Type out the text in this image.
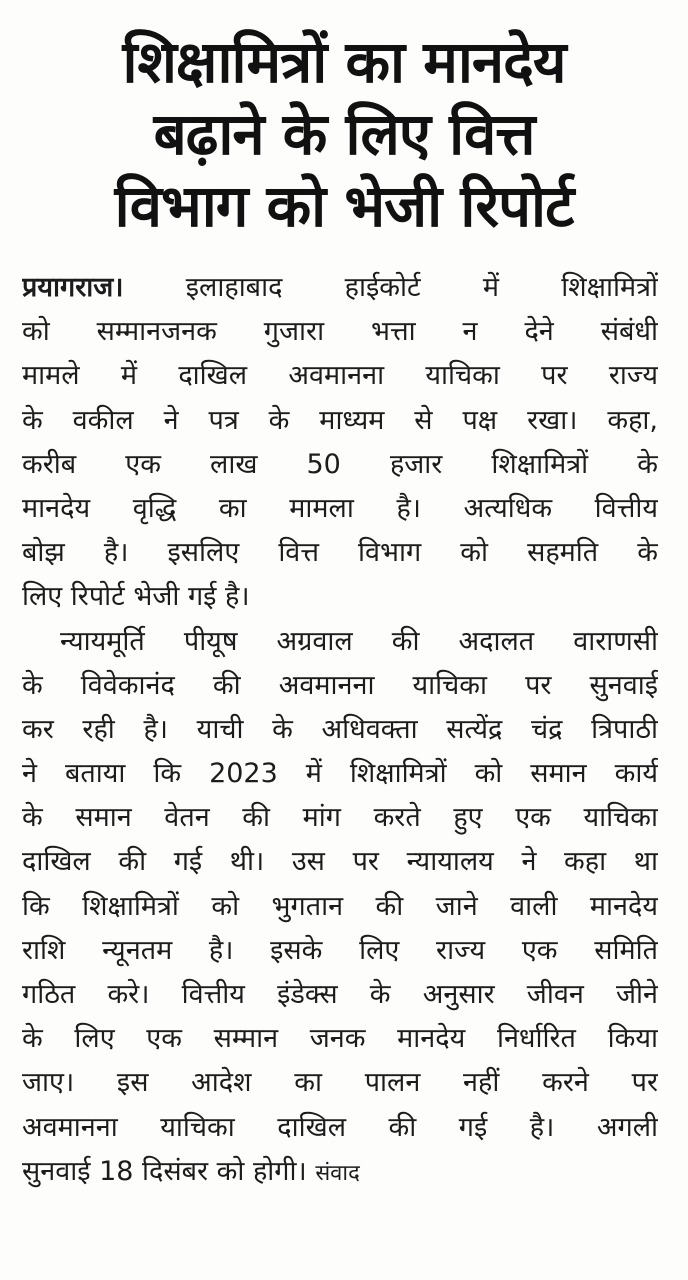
शिक्षामित्रों का मानदेय
बढ़ाने के लिए वित्त
विभाग को भेजी रिपोर्ट
प्रयागराज। इलाहाबाद हाईकोर्ट में शिक्षामित्रों
को सम्मानजनक गुजारा भत्ता न देने संबंधी
मामले में दाखिल अवमानना याचिका पर राज्य
के वकील ने पत्र के माध्यम से पक्ष रखा। कहा,
करीब एक लाख 50 हजार शिक्षामित्रों के
मानदेय वृद्धि का मामला है। अत्यधिक वित्तीय
बोझ है। इसलिए वित्त विभाग को सहमति के
लिए रिपोर्ट भेजी गई है।
न्यायमूर्ति पीयूष अग्रवाल की अदालत वाराणसी
के विवेकानंद की अवमानना याचिका पर सुनवाई
कर रही है। याची के अधिवक्ता सत्येंद्र चंद्र त्रिपाठी
ने बताया कि 2023 में शिक्षामित्रों को समान कार्य
के समान वेतन की मांग करते हुए एक याचिका
दाखिल की गई थी। उस पर न्यायालय ने कहा था
कि शिक्षामित्रों को भुगतान की जाने वाली मानदेय
राशि न्यूनतम है। इसके लिए राज्य एक समिति
गठित करे। वित्तीय इंडेक्स के अनुसार जीवन जीने
के लिए एक सम्मान जनक मानदेय निर्धारित किया
जाए। इस आदेश का पालन नहीं करने पर
अवमानना याचिका दाखिल की गई है। अगली
सुनवाई 18 दिसंबर को होगी। संवाद
